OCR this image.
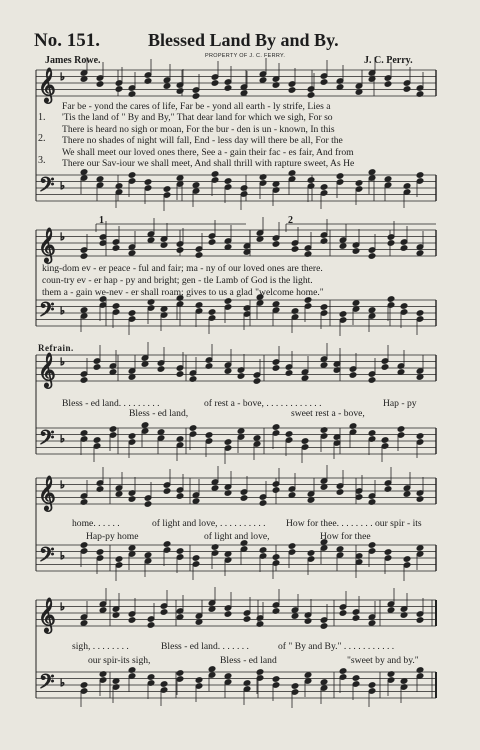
𝄞
𝄢
♭
♭
𝄞
𝄢
♭
♭
𝄞
𝄢
♭
♭
𝄞
𝄢
♭
♭
𝄞
𝄢
♭
♭
No. 151.	Blessed Land By and By.
PROPERTY OF J. C. FERRY.
James Rowe.	J. C. Perry.
1.
2.
3.
Far be - yond the cares of life, Far be - yond all earth - ly strife, Lies a
'Tis the land of " By and By," That dear land for which we sigh, For so
There is heard no sigh or moan, For the bur - den is un - known, In this
There no shades of night will fall, End - less day will there be all, For the
We shall meet our loved ones there, See a - gain their fac - es fair, And from
There our Sav-iour we shall meet, And shall thrill with rapture sweet, As He
1	2
king-dom ev - er peace - ful and fair; ma - ny of our loved ones are there.
coun-try ev - er hap - py and bright; gen - tle Lamb of God is the light.
them a - gain we-nev - er shall roam; gives to us a glad "welcome home."
Refrain.
Bless - ed land. . . . . . . . .	of rest a - bove, . . . . . . . . . . . .	Hap - py
Bless - ed land,	sweet rest a - bove,
home. . . . . .	of light and love, . . . . . . . . . . How for thee. . . . . . . . our spir - its
Hap-py home	of light and love,	How for thee
sigh, . . . . . . . .	Bless - ed land. . . . . . .	of " By and By." . . . . . . . . . . .
our spir-its sigh,	Bless - ed land	"sweet by and by."
